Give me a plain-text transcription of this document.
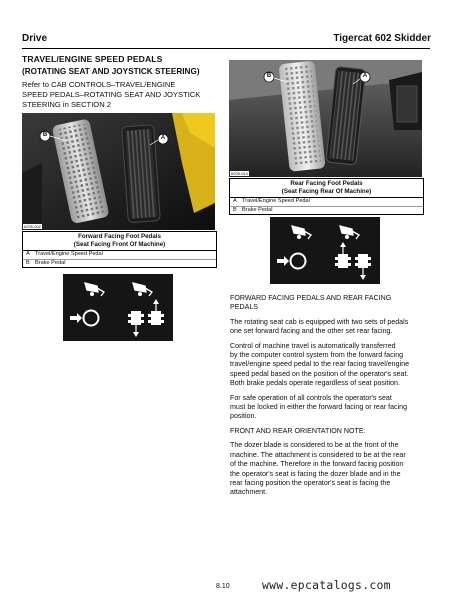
Drive	Tigercat 602 Skidder
TRAVEL/ENGINE SPEED PEDALS
(ROTATING SEAT AND JOYSTICK STEERING)
Refer to CAB CONTROLS–TRAVEL/ENGINE
SPEED PEDALS–ROTATING SEAT AND JOYSTICK
STEERING in SECTION 2
6205-002
B	A
Forward Facing Foot Pedals
(Seat Facing Front Of Machine)
A Travel/Engine Speed Pedal
B Brake Pedal
6205-014
B	A
Rear Facing Foot Pedals
(Seat Facing Rear Of Machine)
A Travel/Engine Speed Pedal
B Brake Pedal

FORWARD FACING PEDALS AND REAR FACING
PEDALS

The rotating seat cab is equipped with two sets of pedals
one set forward facing and the other set rear facing.

Control of machine travel is automatically transferred
by the computer control system from the forward facing
travel/engine speed pedal to the rear facing travel/engine
speed pedal based on the position of the operator's seat.
Both brake pedals operate regardless of seat position.

For safe operation of all controls the operator's seat
must be locked in either the forward facing or rear facing
position.

FRONT AND REAR ORIENTATION NOTE:

The dozer blade is considered to be at the front of the
machine. The attachment is considered to be at the rear
of the machine. Therefore in the forward facing position
the operator's seat is facing the dozer blade and in the
rear facing position the operator's seat is facing the
attachment.

8.10	www.epcatalogs.com
